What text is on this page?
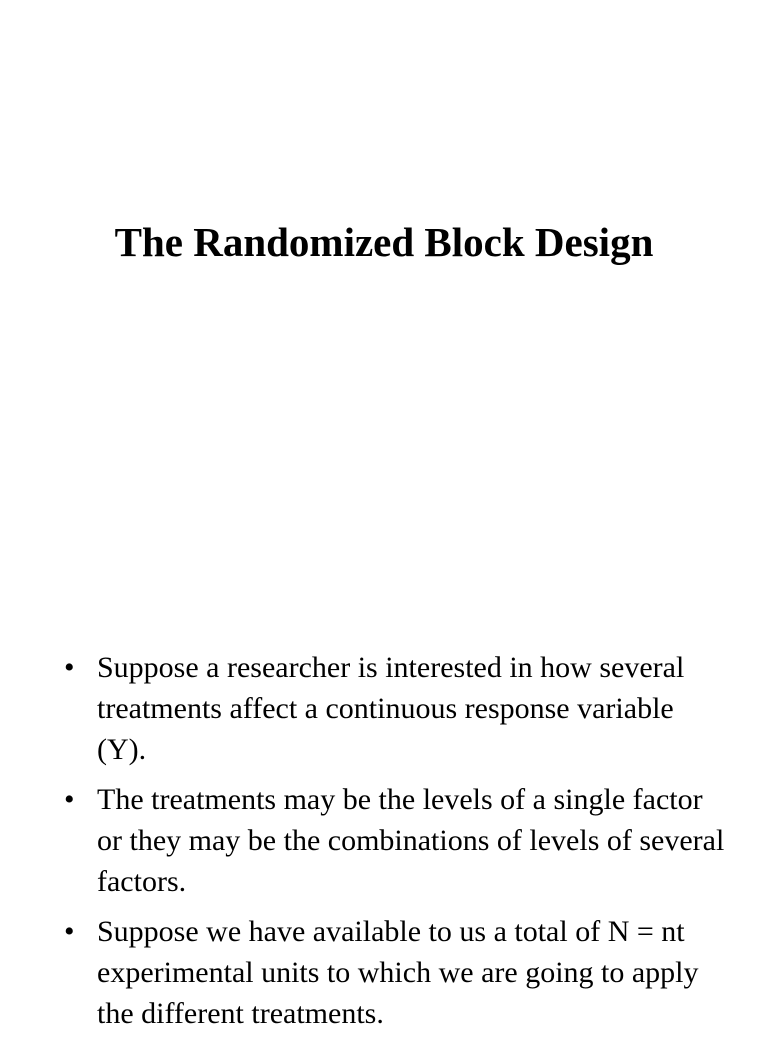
The Randomized Block Design
• Suppose a researcher is interested in how several treatments affect a continuous response variable (Y).
• The treatments may be the levels of a single factor or they may be the combinations of levels of several factors.
• Suppose we have available to us a total of N = nt experimental units to which we are going to apply the different treatments.
